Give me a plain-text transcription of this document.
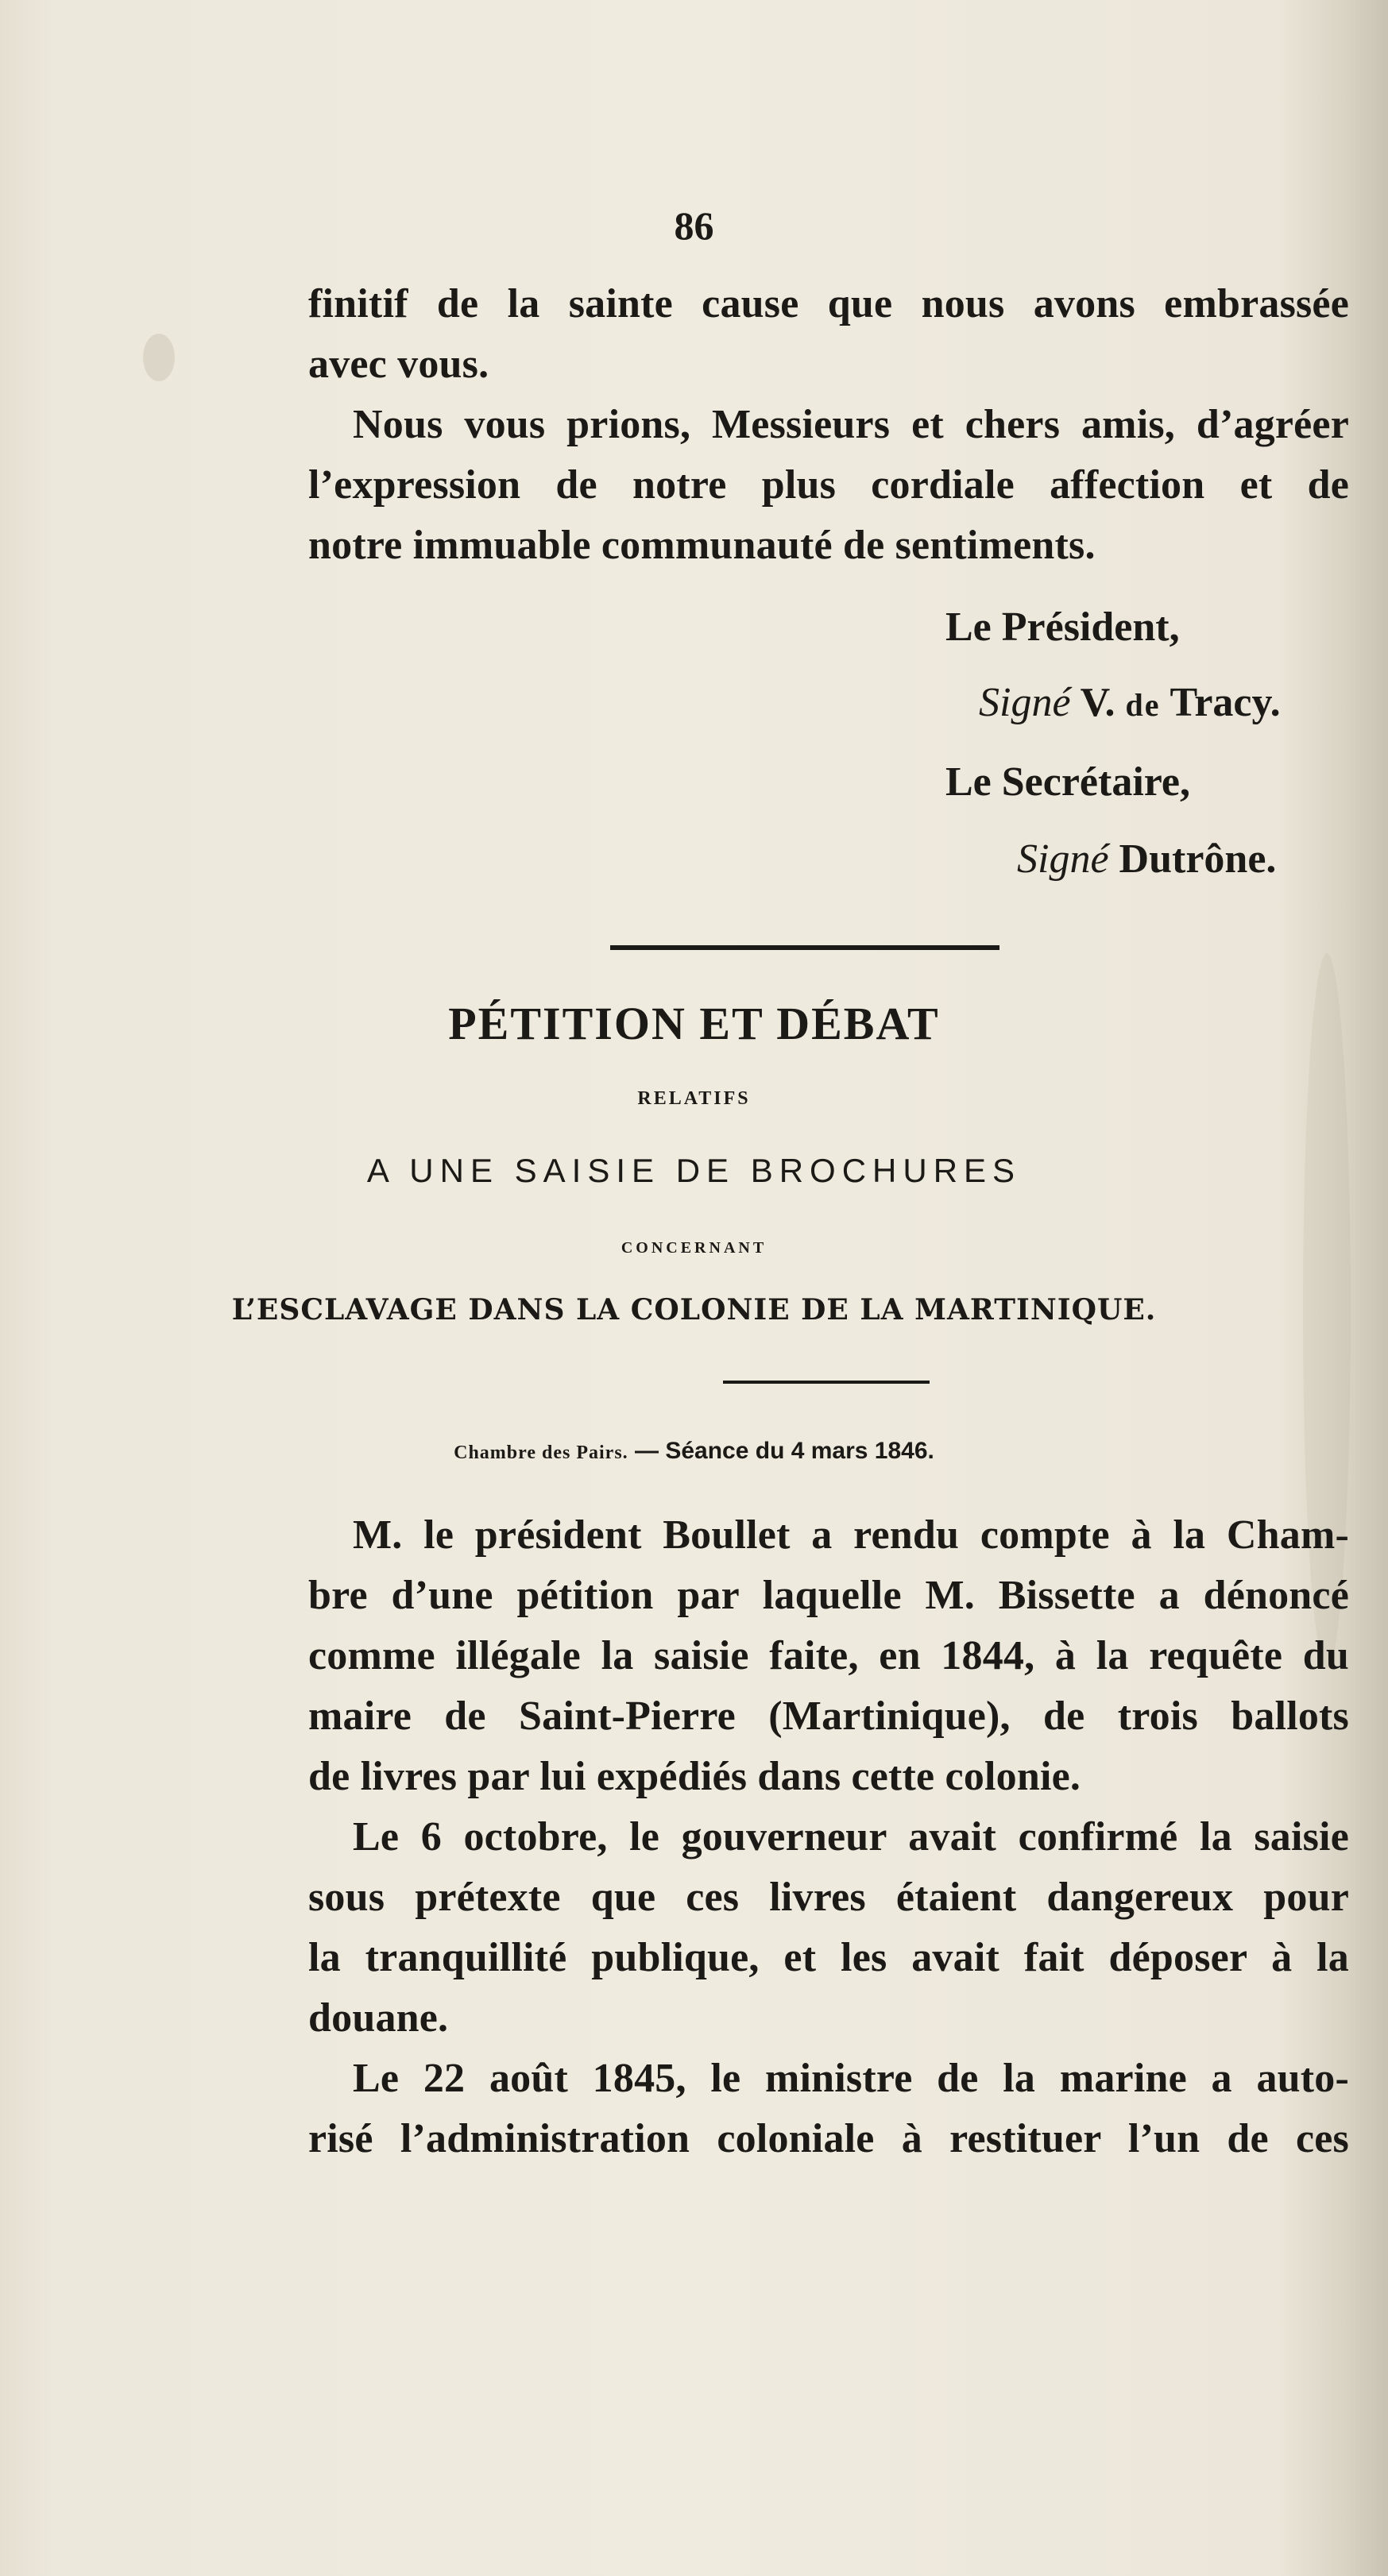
86
finitif de la sainte cause que nous avons embrassée
avec vous.
Nous vous prions, Messieurs et chers amis, d’agréer
l’expression de notre plus cordiale affection et de
notre immuable communauté de sentiments.
Le Président,
Signé V. de Tracy.
Le Secrétaire,
Signé Dutrône.
PÉTITION ET DÉBAT
RELATIFS
A UNE SAISIE DE BROCHURES
CONCERNANT
L’ESCLAVAGE DANS LA COLONIE DE LA MARTINIQUE.
Chambre des Pairs. — Séance du 4 mars 1846.
M. le président Boullet a rendu compte à la Cham-
bre d’une pétition par laquelle M. Bissette a dénoncé
comme illégale la saisie faite, en 1844, à la requête du
maire de Saint-Pierre (Martinique), de trois ballots
de livres par lui expédiés dans cette colonie.
Le 6 octobre, le gouverneur avait confirmé la saisie
sous prétexte que ces livres étaient dangereux pour
la tranquillité publique, et les avait fait déposer à la
douane.
Le 22 août 1845, le ministre de la marine a auto-
risé l’administration coloniale à restituer l’un de ces
